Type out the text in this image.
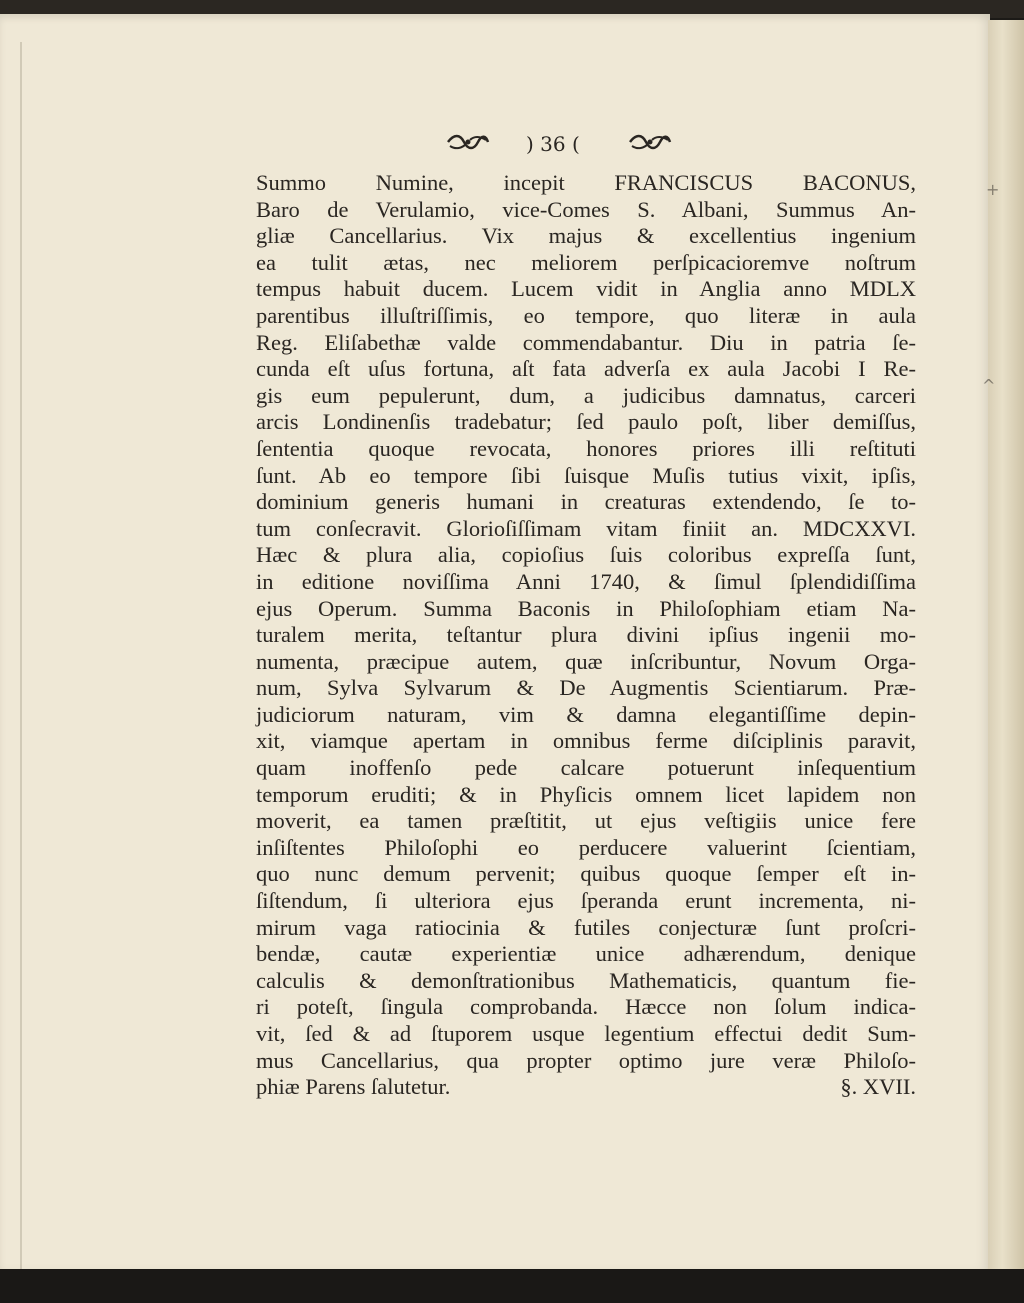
) 36 (
Summo Numine, incepit FRANCISCUS BACONUS,
Baro de Verulamio, vice-Comes S. Albani, Summus An-
gliæ Cancellarius. Vix majus & excellentius ingenium
ea tulit ætas, nec meliorem perſpicacioremve noſtrum
tempus habuit ducem. Lucem vidit in Anglia anno MDLX
parentibus illuſtriſſimis, eo tempore, quo literæ in aula
Reg. Eliſabethæ valde commendabantur. Diu in patria ſe-
cunda eſt uſus fortuna, aſt fata adverſa ex aula Jacobi I Re-
gis eum pepulerunt, dum, a judicibus damnatus, carceri
arcis Londinenſis tradebatur; ſed paulo poſt, liber demiſſus,
ſententia quoque revocata, honores priores illi reſtituti
ſunt. Ab eo tempore ſibi ſuisque Muſis tutius vixit, ipſis,
dominium generis humani in creaturas extendendo, ſe to-
tum conſecravit. Glorioſiſſimam vitam finiit an. MDCXXVI.
Hæc & plura alia, copioſius ſuis coloribus expreſſa ſunt,
in editione noviſſima Anni 1740, & ſimul ſplendidiſſima
ejus Operum. Summa Baconis in Philoſophiam etiam Na-
turalem merita, teſtantur plura divini ipſius ingenii mo-
numenta, præcipue autem, quæ inſcribuntur, Novum Orga-
num, Sylva Sylvarum & De Augmentis Scientiarum. Præ-
judiciorum naturam, vim & damna elegantiſſime depin-
xit, viamque apertam in omnibus ferme diſciplinis paravit,
quam inoffenſo pede calcare potuerunt inſequentium
temporum eruditi; & in Phyſicis omnem licet lapidem non
moverit, ea tamen præſtitit, ut ejus veſtigiis unice fere
inſiſtentes Philoſophi eo perducere valuerint ſcientiam,
quo nunc demum pervenit; quibus quoque ſemper eſt in-
ſiſtendum, ſi ulteriora ejus ſperanda erunt incrementa, ni-
mirum vaga ratiocinia & futiles conjecturæ ſunt proſcri-
bendæ, cautæ experientiæ unice adhærendum, denique
calculis & demonſtrationibus Mathematicis, quantum fie-
ri poteſt, ſingula comprobanda. Hæcce non ſolum indica-
vit, ſed & ad ſtuporem usque legentium effectui dedit Sum-
mus Cancellarius, qua propter optimo jure veræ Philoſo-
phiæ Parens ſalutetur.	§. XVII.
+
^
